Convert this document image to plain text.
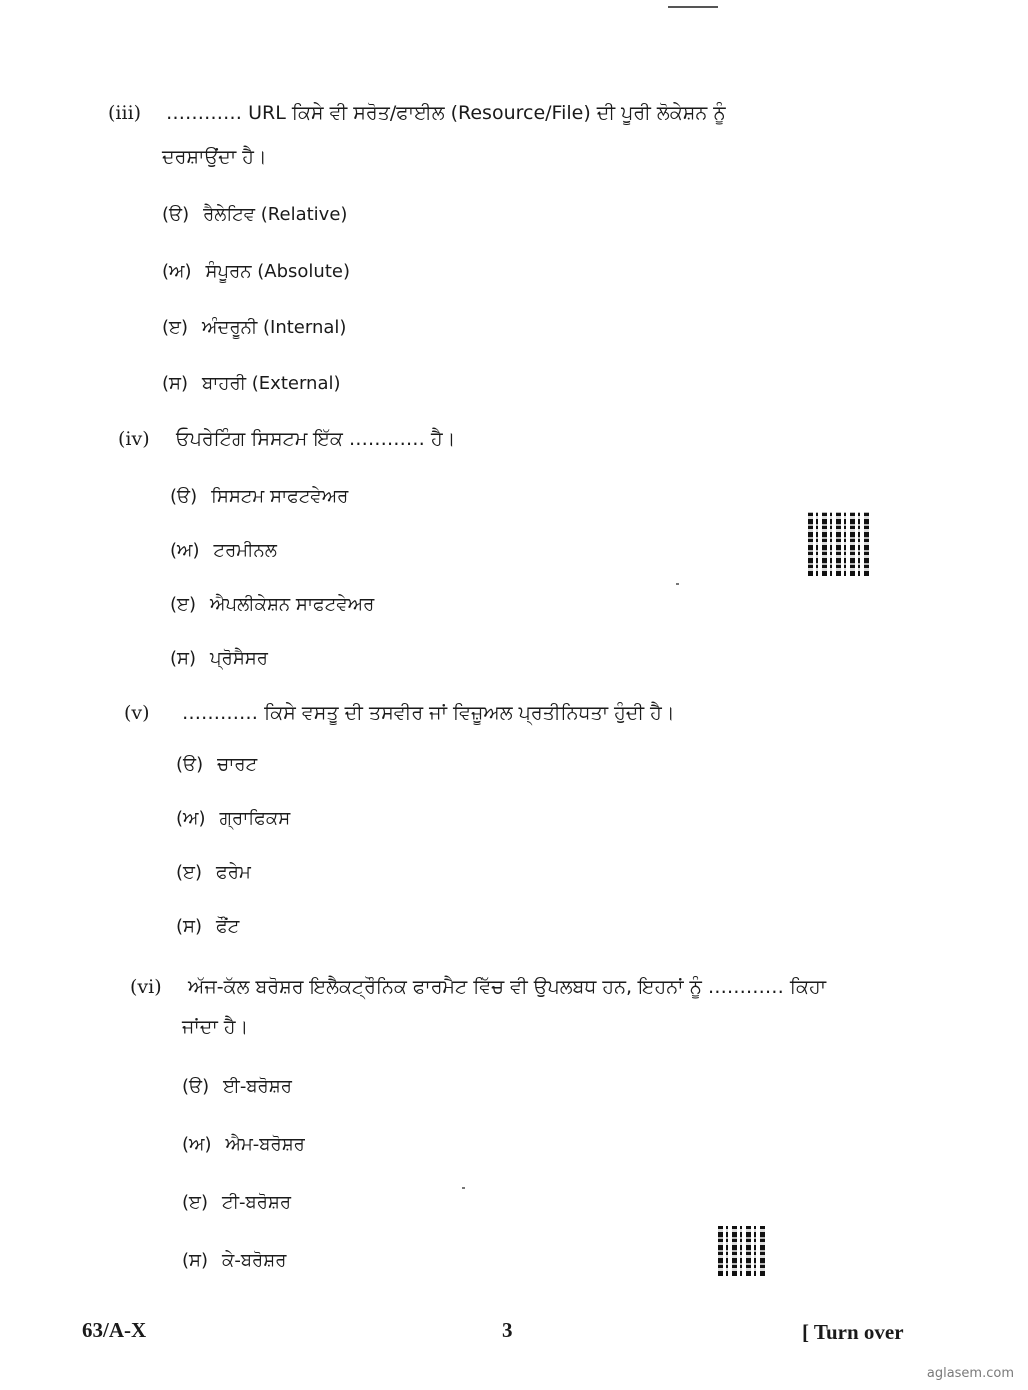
(iii) ………… URL ਕਿਸੇ ਵੀ ਸਰੋਤ/ਫਾਈਲ (Resource/File) ਦੀ ਪੂਰੀ ਲੋਕੇਸ਼ਨ ਨੂੰ
ਦਰਸ਼ਾਉਂਦਾ ਹੈ।
(ੳ) ਰੈਲੇਟਿਵ (Relative)
(ਅ) ਸੰਪੂਰਨ (Absolute)
(ੲ) ਅੰਦਰੂਨੀ (Internal)
(ਸ) ਬਾਹਰੀ (External)
(iv) ਓਪਰੇਟਿੰਗ ਸਿਸਟਮ ਇੱਕ ………… ਹੈ।
(ੳ) ਸਿਸਟਮ ਸਾਫਟਵੇਅਰ
(ਅ) ਟਰਮੀਨਲ
(ੲ) ਐਪਲੀਕੇਸ਼ਨ ਸਾਫਟਵੇਅਰ
(ਸ) ਪ੍ਰੋਸੈਸਰ
(v) ………… ਕਿਸੇ ਵਸਤੂ ਦੀ ਤਸਵੀਰ ਜਾਂ ਵਿਜ਼ੂਅਲ ਪ੍ਰਤੀਨਿਧਤਾ ਹੁੰਦੀ ਹੈ।
(ੳ) ਚਾਰਟ
(ਅ) ਗ੍ਰਾਫਿਕਸ
(ੲ) ਫਰੇਮ
(ਸ) ਫੌਂਟ
(vi) ਅੱਜ-ਕੱਲ ਬਰੋਸ਼ਰ ਇਲੈਕਟ੍ਰੌਨਿਕ ਫਾਰਮੈਟ ਵਿੱਚ ਵੀ ਉਪਲਬਧ ਹਨ, ਇਹਨਾਂ ਨੂੰ ………… ਕਿਹਾ
ਜਾਂਦਾ ਹੈ।
(ੳ) ਈ-ਬਰੋਸ਼ਰ
(ਅ) ਐਮ-ਬਰੋਸ਼ਰ
(ੲ) ਟੀ-ਬਰੋਸ਼ਰ
(ਸ) ਕੇ-ਬਰੋਸ਼ਰ
63/A-X	3	[ Turn over
aglasem.com
